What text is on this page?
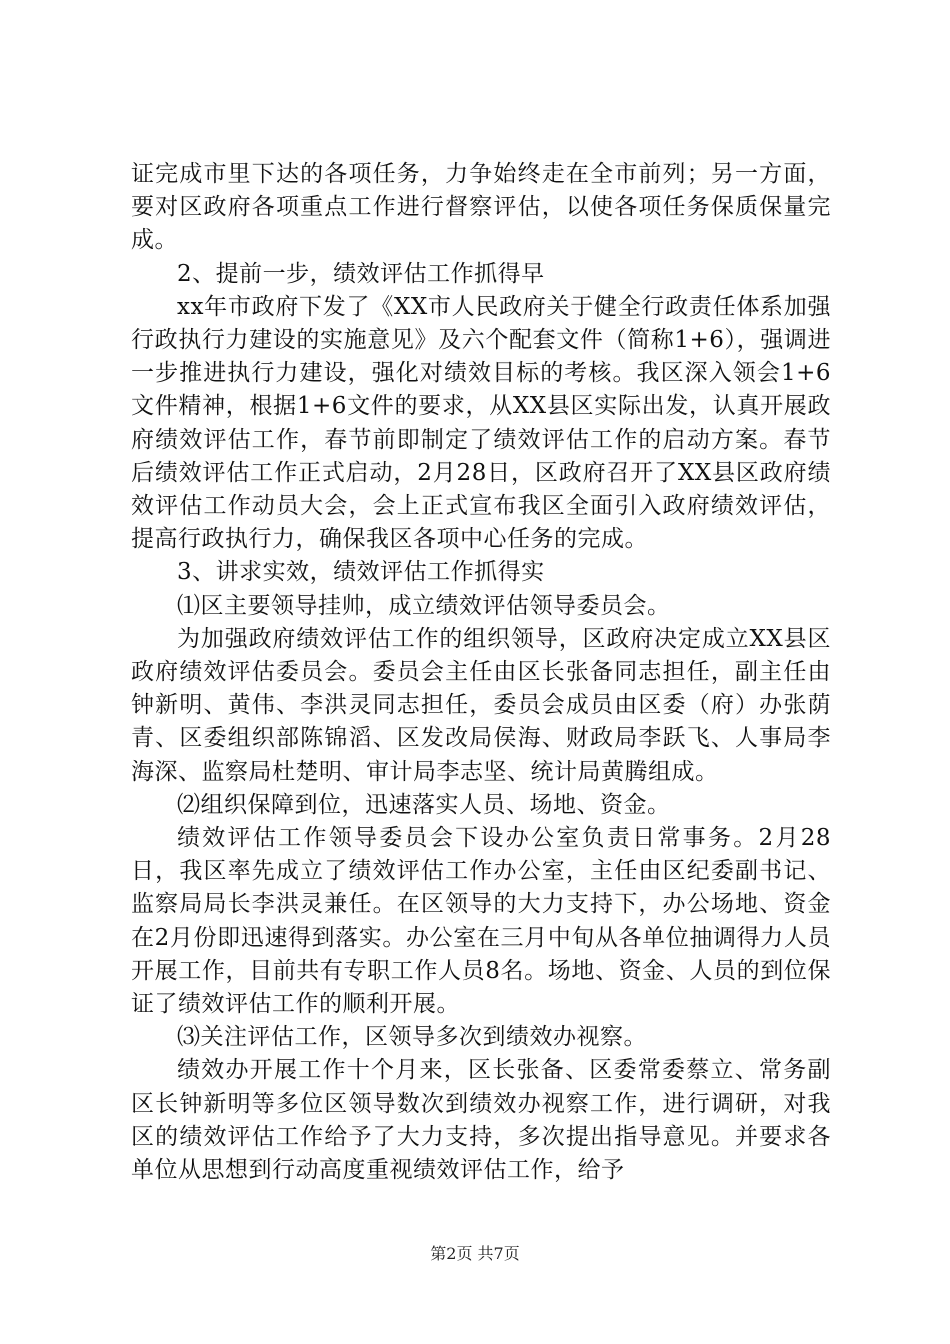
证完成市里下达的各项任务，力争始终走在全市前列；另一方面，要对区政府各项重点工作进行督察评估，以使各项任务保质保量完成。

2、提前一步，绩效评估工作抓得早

xx年市政府下发了《XX市人民政府关于健全行政责任体系加强行政执行力建设的实施意见》及六个配套文件（简称1+6），强调进一步推进执行力建设，强化对绩效目标的考核。我区深入领会1+6文件精神，根据1+6文件的要求，从XX县区实际出发，认真开展政府绩效评估工作，春节前即制定了绩效评估工作的启动方案。春节后绩效评估工作正式启动，2月28日，区政府召开了XX县区政府绩效评估工作动员大会，会上正式宣布我区全面引入政府绩效评估，提高行政执行力，确保我区各项中心任务的完成。

3、讲求实效，绩效评估工作抓得实

⑴区主要领导挂帅，成立绩效评估领导委员会。

为加强政府绩效评估工作的组织领导，区政府决定成立XX县区政府绩效评估委员会。委员会主任由区长张备同志担任，副主任由钟新明、黄伟、李洪灵同志担任，委员会成员由区委（府）办张荫青、区委组织部陈锦滔、区发改局侯海、财政局李跃飞、人事局李海深、监察局杜楚明、审计局李志坚、统计局黄腾组成。

⑵组织保障到位，迅速落实人员、场地、资金。

绩效评估工作领导委员会下设办公室负责日常事务。2月28日，我区率先成立了绩效评估工作办公室，主任由区纪委副书记、监察局局长李洪灵兼任。在区领导的大力支持下，办公场地、资金在2月份即迅速得到落实。办公室在三月中旬从各单位抽调得力人员开展工作，目前共有专职工作人员8名。场地、资金、人员的到位保证了绩效评估工作的顺利开展。

⑶关注评估工作，区领导多次到绩效办视察。

绩效办开展工作十个月来，区长张备、区委常委蔡立、常务副区长钟新明等多位区领导数次到绩效办视察工作，进行调研，对我区的绩效评估工作给予了大力支持，多次提出指导意见。并要求各单位从思想到行动高度重视绩效评估工作，给予

第2页 共7页
